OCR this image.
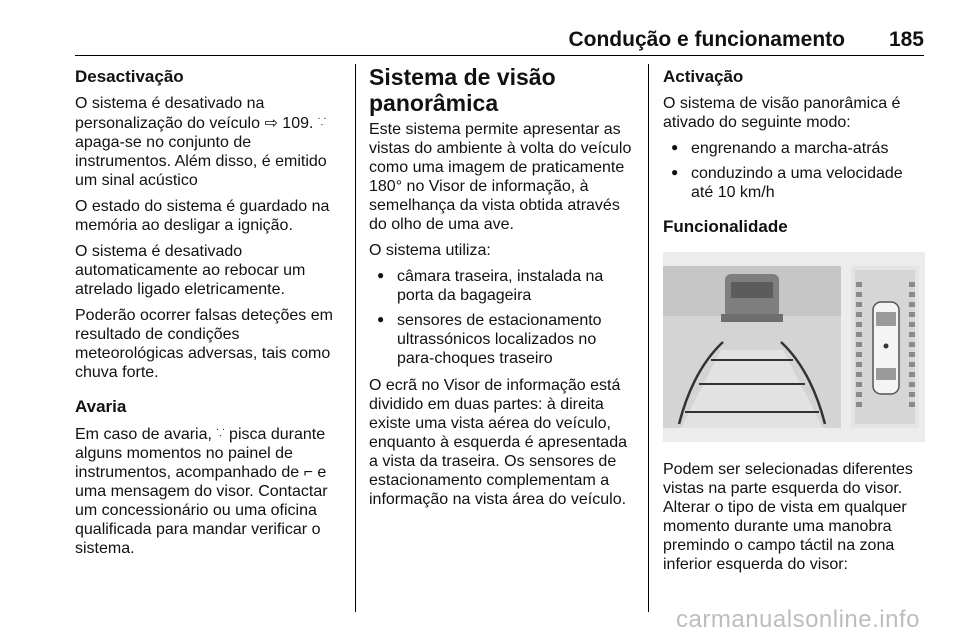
Condução e funcionamento 185
Desactivação

O sistema é desativado na personalização do veículo ⇨ 109. ⸪ apaga-se no conjunto de instrumentos. Além disso, é emitido um sinal acústico

O estado do sistema é guardado na memória ao desligar a ignição.

O sistema é desativado automaticamente ao rebocar um atrelado ligado eletricamente.

Poderão ocorrer falsas deteções em resultado de condições meteorológicas adversas, tais como chuva forte.

Avaria

Em caso de avaria, ⸪ pisca durante alguns momentos no painel de instrumentos, acompanhado de ⌐ e uma mensagem do visor. Contactar um concessionário ou uma oficina qualificada para mandar verificar o sistema.

Sistema de visão panorâmica

Este sistema permite apresentar as vistas do ambiente à volta do veículo como uma imagem de praticamente 180° no Visor de informação, à semelhança da vista obtida através do olho de uma ave.

O sistema utiliza:

● câmara traseira, instalada na porta da bagageira
● sensores de estacionamento ultrassónicos localizados no para-choques traseiro

O ecrã no Visor de informação está dividido em duas partes: à direita existe uma vista aérea do veículo, enquanto à esquerda é apresentada a vista da traseira. Os sensores de estacionamento complementam a informação na vista área do veículo.

Activação

O sistema de visão panorâmica é ativado do seguinte modo:

● engrenando a marcha-atrás
● conduzindo a uma velocidade até 10 km/h
Funcionalidade

Podem ser selecionadas diferentes vistas na parte esquerda do visor. Alterar o tipo de vista em qualquer momento durante uma manobra premindo o campo táctil na zona inferior esquerda do visor:

carmanualsonline.info
